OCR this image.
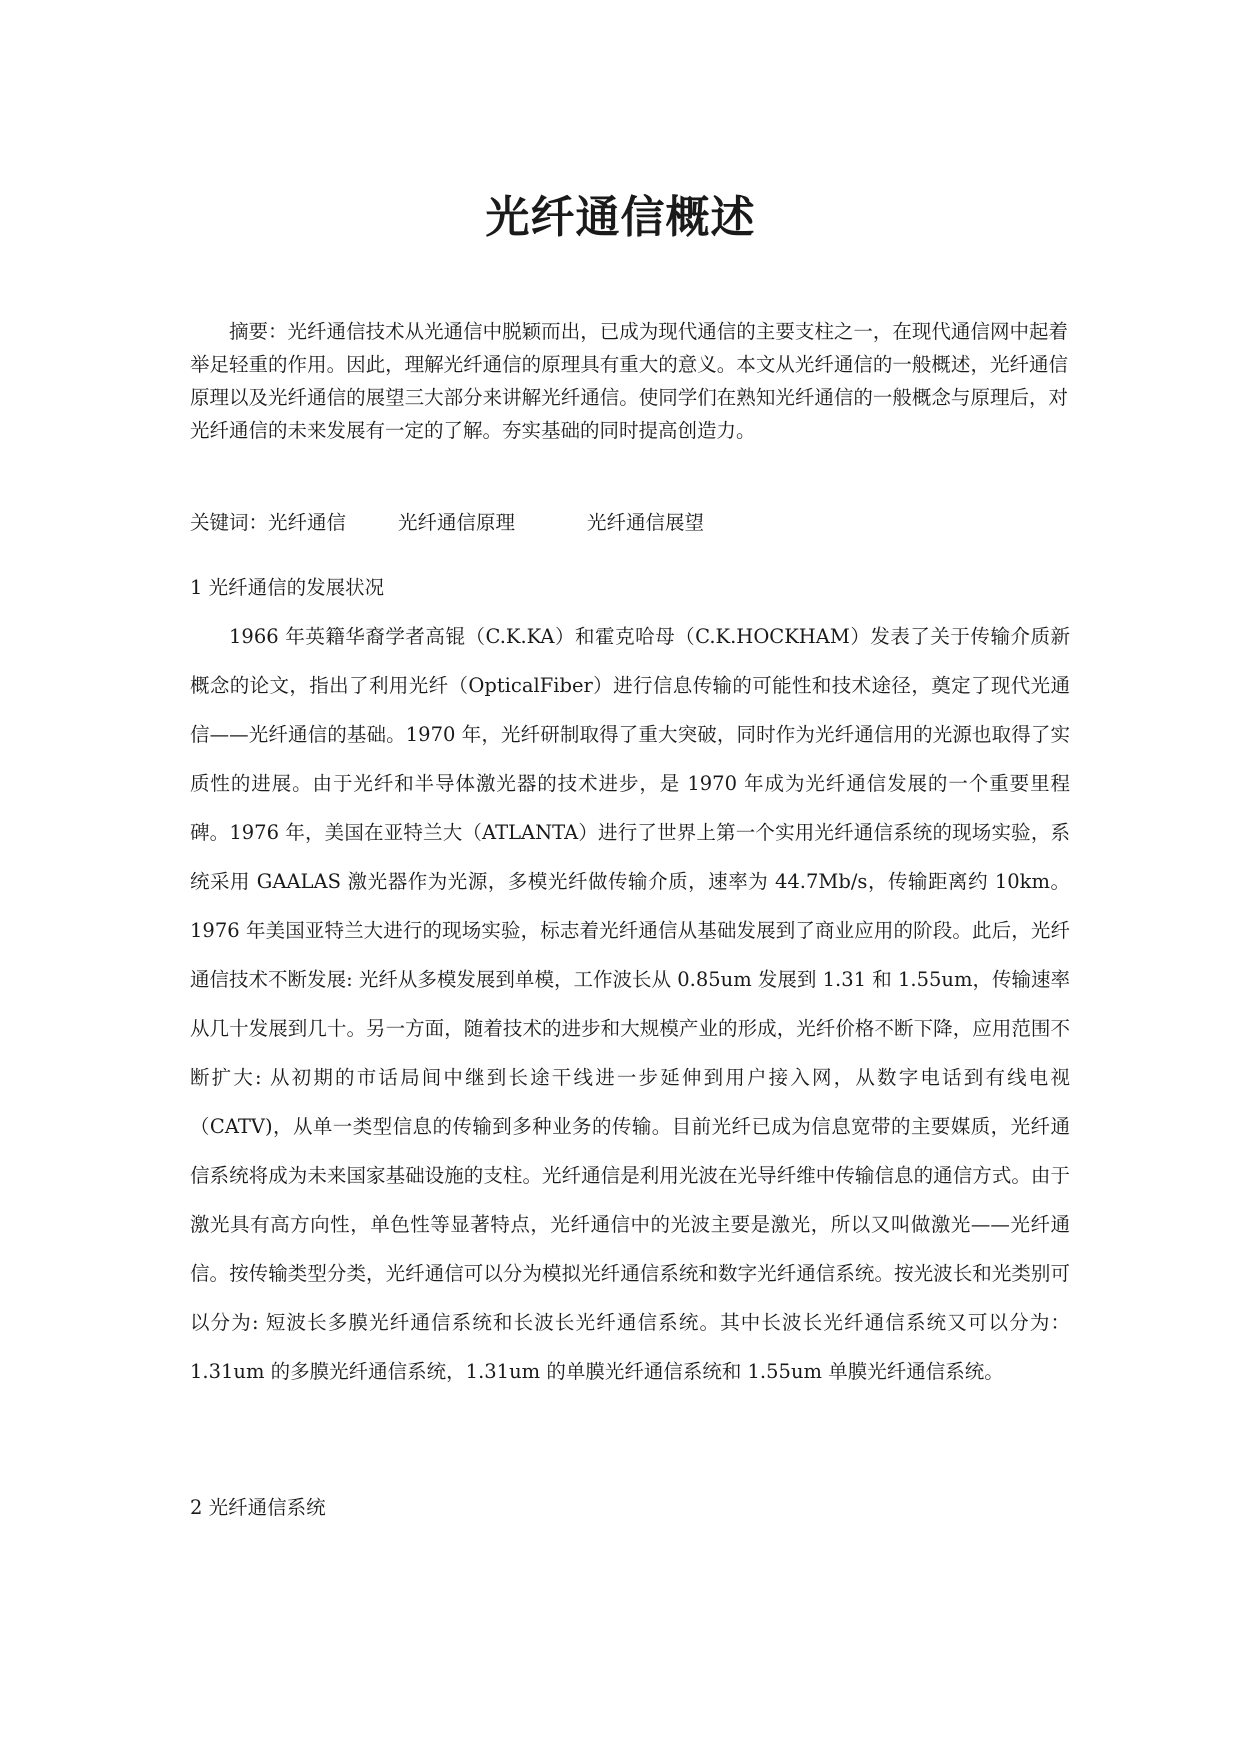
光纤通信概述

摘要：光纤通信技术从光通信中脱颖而出，已成为现代通信的主要支柱之一，在现代通信网中起着举足轻重的作用。因此，理解光纤通信的原理具有重大的意义。本文从光纤通信的一般概述，光纤通信原理以及光纤通信的展望三大部分来讲解光纤通信。使同学们在熟知光纤通信的一般概念与原理后，对光纤通信的未来发展有一定的了解。夯实基础的同时提高创造力。

关键词：光纤通信	光纤通信原理	光纤通信展望

1 光纤通信的发展状况

1966 年英籍华裔学者高锟（C.K.KA）和霍克哈母（C.K.HOCKHAM）发表了关于传输介质新概念的论文，指出了利用光纤（OpticalFiber）进行信息传输的可能性和技术途径，奠定了现代光通信——光纤通信的基础。1970 年，光纤研制取得了重大突破，同时作为光纤通信用的光源也取得了实质性的进展。由于光纤和半导体激光器的技术进步，是 1970 年成为光纤通信发展的一个重要里程碑。1976 年，美国在亚特兰大（ATLANTA）进行了世界上第一个实用光纤通信系统的现场实验，系统采用 GAALAS 激光器作为光源，多模光纤做传输介质，速率为 44.7Mb/s，传输距离约 10km。1976 年美国亚特兰大进行的现场实验，标志着光纤通信从基础发展到了商业应用的阶段。此后，光纤通信技术不断发展: 光纤从多模发展到单模，工作波长从 0.85um 发展到 1.31 和 1.55um，传输速率从几十发展到几十。另一方面，随着技术的进步和大规模产业的形成，光纤价格不断下降，应用范围不断扩大: 从初期的市话局间中继到长途干线进一步延伸到用户接入网，从数字电话到有线电视（CATV)，从单一类型信息的传输到多种业务的传输。目前光纤已成为信息宽带的主要媒质，光纤通信系统将成为未来国家基础设施的支柱。光纤通信是利用光波在光导纤维中传输信息的通信方式。由于激光具有高方向性，单色性等显著特点，光纤通信中的光波主要是激光，所以又叫做激光——光纤通信。按传输类型分类，光纤通信可以分为模拟光纤通信系统和数字光纤通信系统。按光波长和光类别可以分为: 短波长多膜光纤通信系统和长波长光纤通信系统。其中长波长光纤通信系统又可以分为：1.31um 的多膜光纤通信系统，1.31um 的单膜光纤通信系统和 1.55um 单膜光纤通信系统。

2 光纤通信系统
